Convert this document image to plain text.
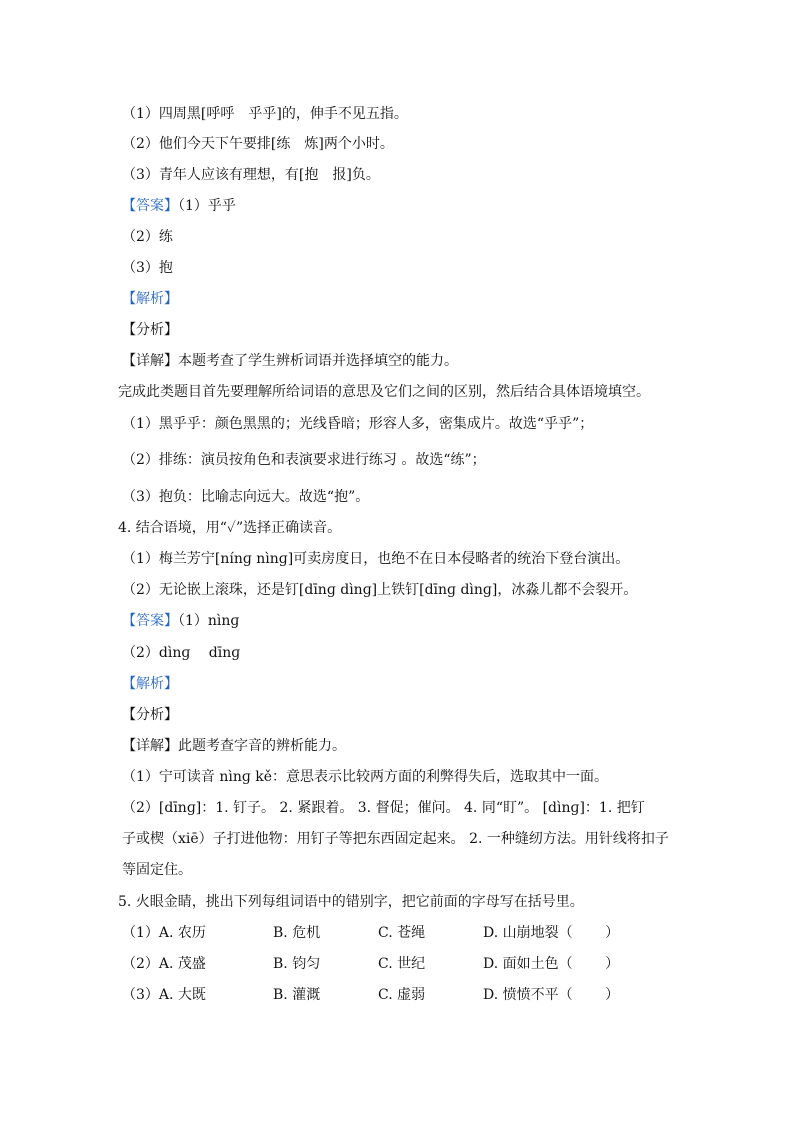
（1）四周黑[呼呼　乎乎]的，伸手不见五指。
（2）他们今天下午要排[练　炼]两个小时。
（3）青年人应该有理想，有[抱　报]负。
【答案】（1）乎乎
（2）练
（3）抱
【解析】
【分析】
【详解】本题考查了学生辨析词语并选择填空的能力。
完成此类题目首先要理解所给词语的意思及它们之间的区别，然后结合具体语境填空。
（1）黑乎乎：颜色黑黑的；光线昏暗；形容人多，密集成片。故选“乎乎”；
（2）排练：演员按角色和表演要求进行练习 。故选“练”；
（3）抱负：比喻志向远大。故选“抱”。
4. 结合语境，用“✓”选择正确读音。
（1）梅兰芳宁[nínɡ nìnɡ]可卖房度日，也绝不在日本侵略者的统治下登台演出。
（2）无论嵌上滚珠，还是钉[dīnɡ dìnɡ]上铁钉[dīnɡ dìnɡ]，冰淼儿都不会裂开。
【答案】（1）nìnɡ
（2）dìnɡ　 dīnɡ
【解析】
【分析】
【详解】此题考查字音的辨析能力。
（1）宁可读音 nìnɡ kě：意思表示比较两方面的利弊得失后，选取其中一面。
（2）[dīnɡ]：1. 钉子。 2. 紧跟着。 3. 督促；催问。 4. 同“盯”。 [dìnɡ]：1. 把钉
子或楔（xiē）子打进他物：用钉子等把东西固定起来。 2. 一种缝纫方法。用针线将扣子
等固定住。
5. 火眼金睛，挑出下列每组词语中的错别字，把它前面的字母写在括号里。

（1）A. 农历

	B. 危机

	C. 苍绳

	D. 山崩地裂（　　 ）

（2）A. 茂盛

	B. 钧匀

	C. 世纪

	D. 面如土色（　　 ）

（3）A. 大既

	B. 灌溉

	C. 虚弱

	D. 愤愤不平（　　 ）
